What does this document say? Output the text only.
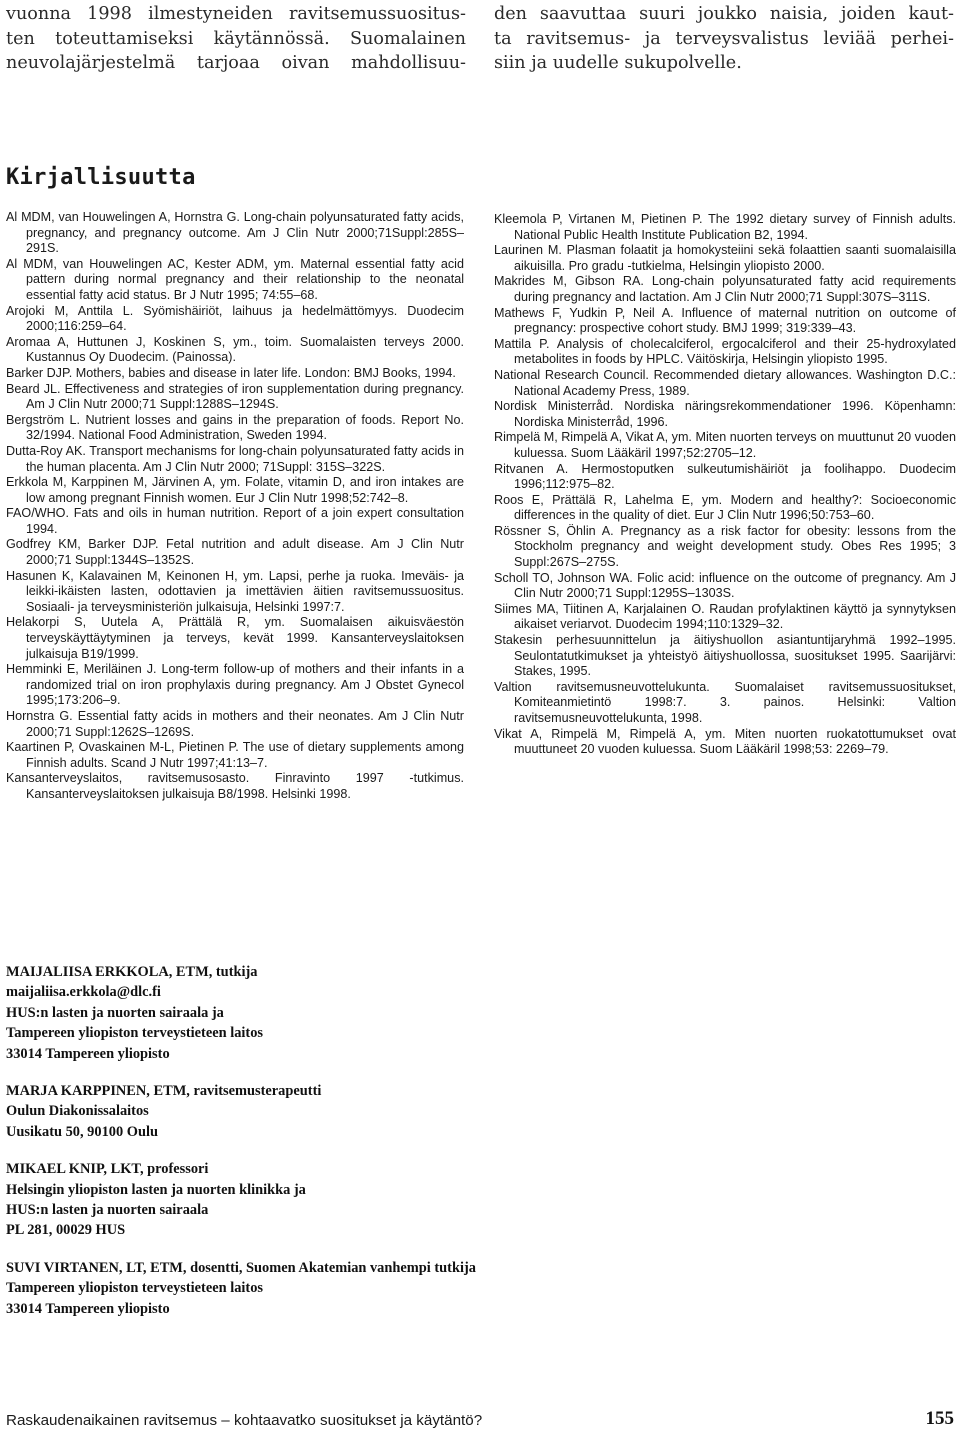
vuonna 1998 ilmestyneiden ravitsemussuositus-
ten toteuttamiseksi käytännössä. Suomalainen
neuvolajärjestelmä tarjoaa oivan mahdollisuu-

den saavuttaa suuri joukko naisia, joiden kaut-
ta ravitsemus- ja terveysvalistus leviää perhei-
siin ja uudelle sukupolvelle.

Kirjallisuutta

Al MDM, van Houwelingen A, Hornstra G. Long-chain polyunsaturated fatty acids, pregnancy, and pregnancy outcome. Am J Clin Nutr 2000;71Suppl:285S–291S.

Al MDM, van Houwelingen AC, Kester ADM, ym. Maternal essential fatty acid pattern during normal pregnancy and their relationship to the neonatal essential fatty acid status. Br J Nutr 1995; 74:55–68.

Arojoki M, Anttila L. Syömishäiriöt, laihuus ja hedelmättömyys. Duodecim 2000;116:259–64.

Aromaa A, Huttunen J, Koskinen S, ym., toim. Suomalaisten terveys 2000. Kustannus Oy Duodecim. (Painossa).

Barker DJP. Mothers, babies and disease in later life. London: BMJ Books, 1994.

Beard JL. Effectiveness and strategies of iron supplementation during pregnancy. Am J Clin Nutr 2000;71 Suppl:1288S–1294S.

Bergström L. Nutrient losses and gains in the preparation of foods. Report No. 32/1994. National Food Administration, Sweden 1994.

Dutta-Roy AK. Transport mechanisms for long-chain polyunsaturated fatty acids in the human placenta. Am J Clin Nutr 2000; 71Suppl: 315S–322S.

Erkkola M, Karppinen M, Järvinen A, ym. Folate, vitamin D, and iron intakes are low among pregnant Finnish women. Eur J Clin Nutr 1998;52:742–8.

FAO/WHO. Fats and oils in human nutrition. Report of a join expert consultation 1994.

Godfrey KM, Barker DJP. Fetal nutrition and adult disease. Am J Clin Nutr 2000;71 Suppl:1344S–1352S.

Hasunen K, Kalavainen M, Keinonen H, ym. Lapsi, perhe ja ruoka. Imeväis- ja leikki-ikäisten lasten, odottavien ja imettävien äitien ravitsemussuositus. Sosiaali- ja terveysministeriön julkaisuja, Helsinki 1997:7.

Helakorpi S, Uutela A, Prättälä R, ym. Suomalaisen aikuisväestön terveyskäyttäytyminen ja terveys, kevät 1999. Kansanterveyslaitoksen julkaisuja B19/1999.

Hemminki E, Meriläinen J. Long-term follow-up of mothers and their infants in a randomized trial on iron prophylaxis during pregnancy. Am J Obstet Gynecol 1995;173:206–9.

Hornstra G. Essential fatty acids in mothers and their neonates. Am J Clin Nutr 2000;71 Suppl:1262S–1269S.

Kaartinen P, Ovaskainen M-L, Pietinen P. The use of dietary supplements among Finnish adults. Scand J Nutr 1997;41:13–7.

Kansanterveyslaitos, ravitsemusosasto. Finravinto 1997 -tutkimus. Kansanterveyslaitoksen julkaisuja B8/1998. Helsinki 1998.

Kleemola P, Virtanen M, Pietinen P. The 1992 dietary survey of Finnish adults. National Public Health Institute Publication B2, 1994.

Laurinen M. Plasman folaatit ja homokysteiini sekä folaattien saanti suomalaisilla aikuisilla. Pro gradu -tutkielma, Helsingin yliopisto 2000.

Makrides M, Gibson RA. Long-chain polyunsaturated fatty acid requirements during pregnancy and lactation. Am J Clin Nutr 2000;71 Suppl:307S–311S.

Mathews F, Yudkin P, Neil A. Influence of maternal nutrition on outcome of pregnancy: prospective cohort study. BMJ 1999; 319:339–43.

Mattila P. Analysis of cholecalciferol, ergocalciferol and their 25-hydroxylated metabolites in foods by HPLC. Väitöskirja, Helsingin yliopisto 1995.

National Research Council. Recommended dietary allowances. Washington D.C.: National Academy Press, 1989.

Nordisk Ministerråd. Nordiska näringsrekommendationer 1996. Köpenhamn: Nordiska Ministerråd, 1996.

Rimpelä M, Rimpelä A, Vikat A, ym. Miten nuorten terveys on muuttunut 20 vuoden kuluessa. Suom Lääkäril 1997;52:2705–12.

Ritvanen A. Hermostoputken sulkeutumishäiriöt ja foolihappo. Duodecim 1996;112:975–82.

Roos E, Prättälä R, Lahelma E, ym. Modern and healthy?: Socioeconomic differences in the quality of diet. Eur J Clin Nutr 1996;50:753–60.

Rössner S, Öhlin A. Pregnancy as a risk factor for obesity: lessons from the Stockholm pregnancy and weight development study. Obes Res 1995; 3 Suppl:267S–275S.

Scholl TO, Johnson WA. Folic acid: influence on the outcome of pregnancy. Am J Clin Nutr 2000;71 Suppl:1295S–1303S.

Siimes MA, Tiitinen A, Karjalainen O. Raudan profylaktinen käyttö ja synnytyksen aikaiset veriarvot. Duodecim 1994;110:1329–32.

Stakesin perhesuunnittelun ja äitiyshuollon asiantuntijaryhmä 1992–1995. Seulontatutkimukset ja yhteistyö äitiyshuollossa, suositukset 1995. Saarijärvi: Stakes, 1995.

Valtion ravitsemusneuvottelukunta. Suomalaiset ravitsemussuositukset, Komiteanmietintö 1998:7. 3. painos. Helsinki: Valtion ravitsemusneuvottelukunta, 1998.

Vikat A, Rimpelä M, Rimpelä A, ym. Miten nuorten ruokatottumukset ovat muuttuneet 20 vuoden kuluessa. Suom Lääkäril 1998;53: 2269–79.

MAIJALIISA ERKKOLA, ETM, tutkija
maijaliisa.erkkola@dlc.fi
HUS:n lasten ja nuorten sairaala ja
Tampereen yliopiston terveystieteen laitos
33014 Tampereen yliopisto
MARJA KARPPINEN, ETM, ravitsemusterapeutti
Oulun Diakonissalaitos
Uusikatu 50, 90100 Oulu
MIKAEL KNIP, LKT, professori
Helsingin yliopiston lasten ja nuorten klinikka ja
HUS:n lasten ja nuorten sairaala
PL 281, 00029 HUS
SUVI VIRTANEN, LT, ETM, dosentti, Suomen Akatemian vanhempi tutkija
Tampereen yliopiston terveystieteen laitos
33014 Tampereen yliopisto
Raskaudenaikainen ravitsemus – kohtaavatko suositukset ja käytäntö?	155
